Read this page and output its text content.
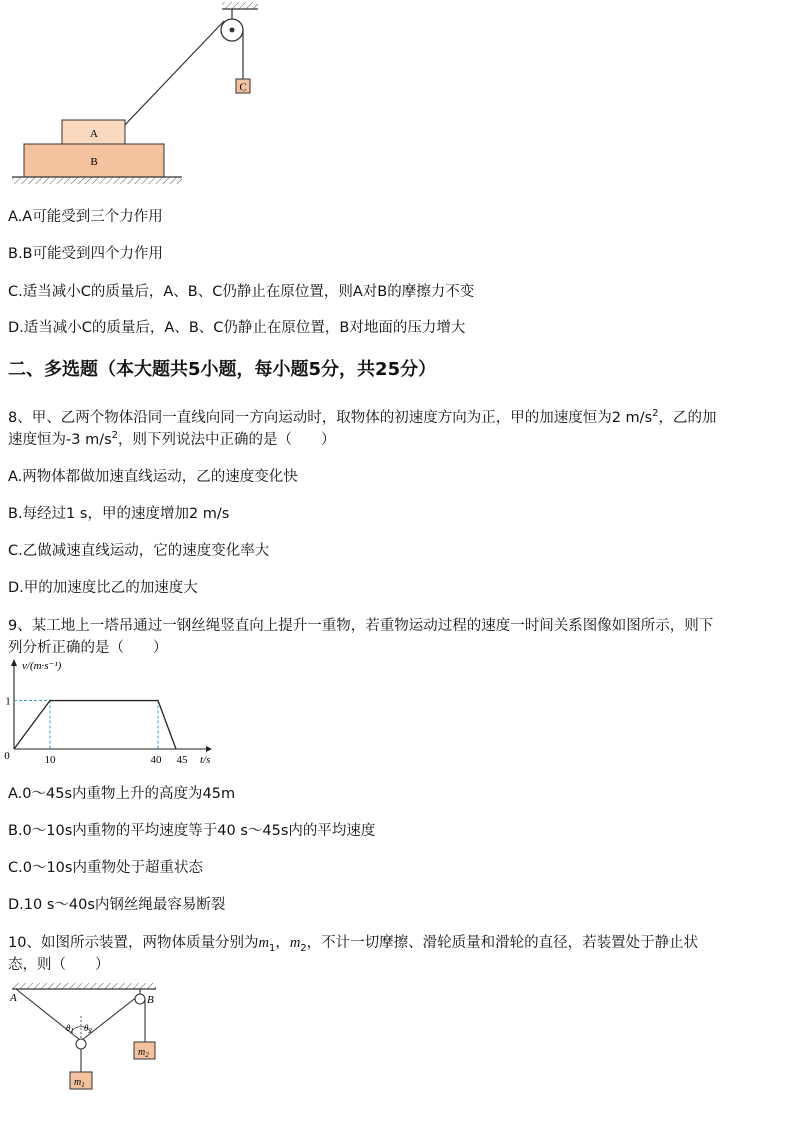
C
A
B
A.A可能受到三个力作用
B.B可能受到四个力作用
C.适当减小C的质量后，A、B、C仍静止在原位置，则A对B的摩擦力不变
D.适当减小C的质量后，A、B、C仍静止在原位置，B对地面的压力增大
二、多选题（本大题共5小题，每小题5分，共25分）
8、甲、乙两个物体沿同一直线向同一方向运动时，取物体的初速度方向为正，甲的加速度恒为2 $m/s^2$，乙的加
速度恒为-3 $m/s^2$，则下列说法中正确的是（　　）
A.两物体都做加速直线运动，乙的速度变化快
B.每经过1 s，甲的速度增加2 m/s
C.乙做减速直线运动，它的速度变化率大
D.甲的加速度比乙的加速度大
9、某工地上一塔吊通过一钢丝绳竖直向上提升一重物，若重物运动过程的速度一时间关系图像如图所示，则下
列分析正确的是（　　）
v/(m·s⁻¹)
t/s
0
1
10	40 45
A.0～45s内重物上升的高度为45m
B.0～10s内重物的平均速度等于40 s～45s内的平均速度
C.0～10s内重物处于超重状态
D.10 s～40s内钢丝绳最容易断裂
10、如图所示装置，两物体质量分别为$m_1$，$m_2$，不计一切摩擦、滑轮质量和滑轮的直径，若装置处于静止状
态，则（　　）
A	B
$\theta_1$ $\theta_2$
$m_2$
$m_1$
